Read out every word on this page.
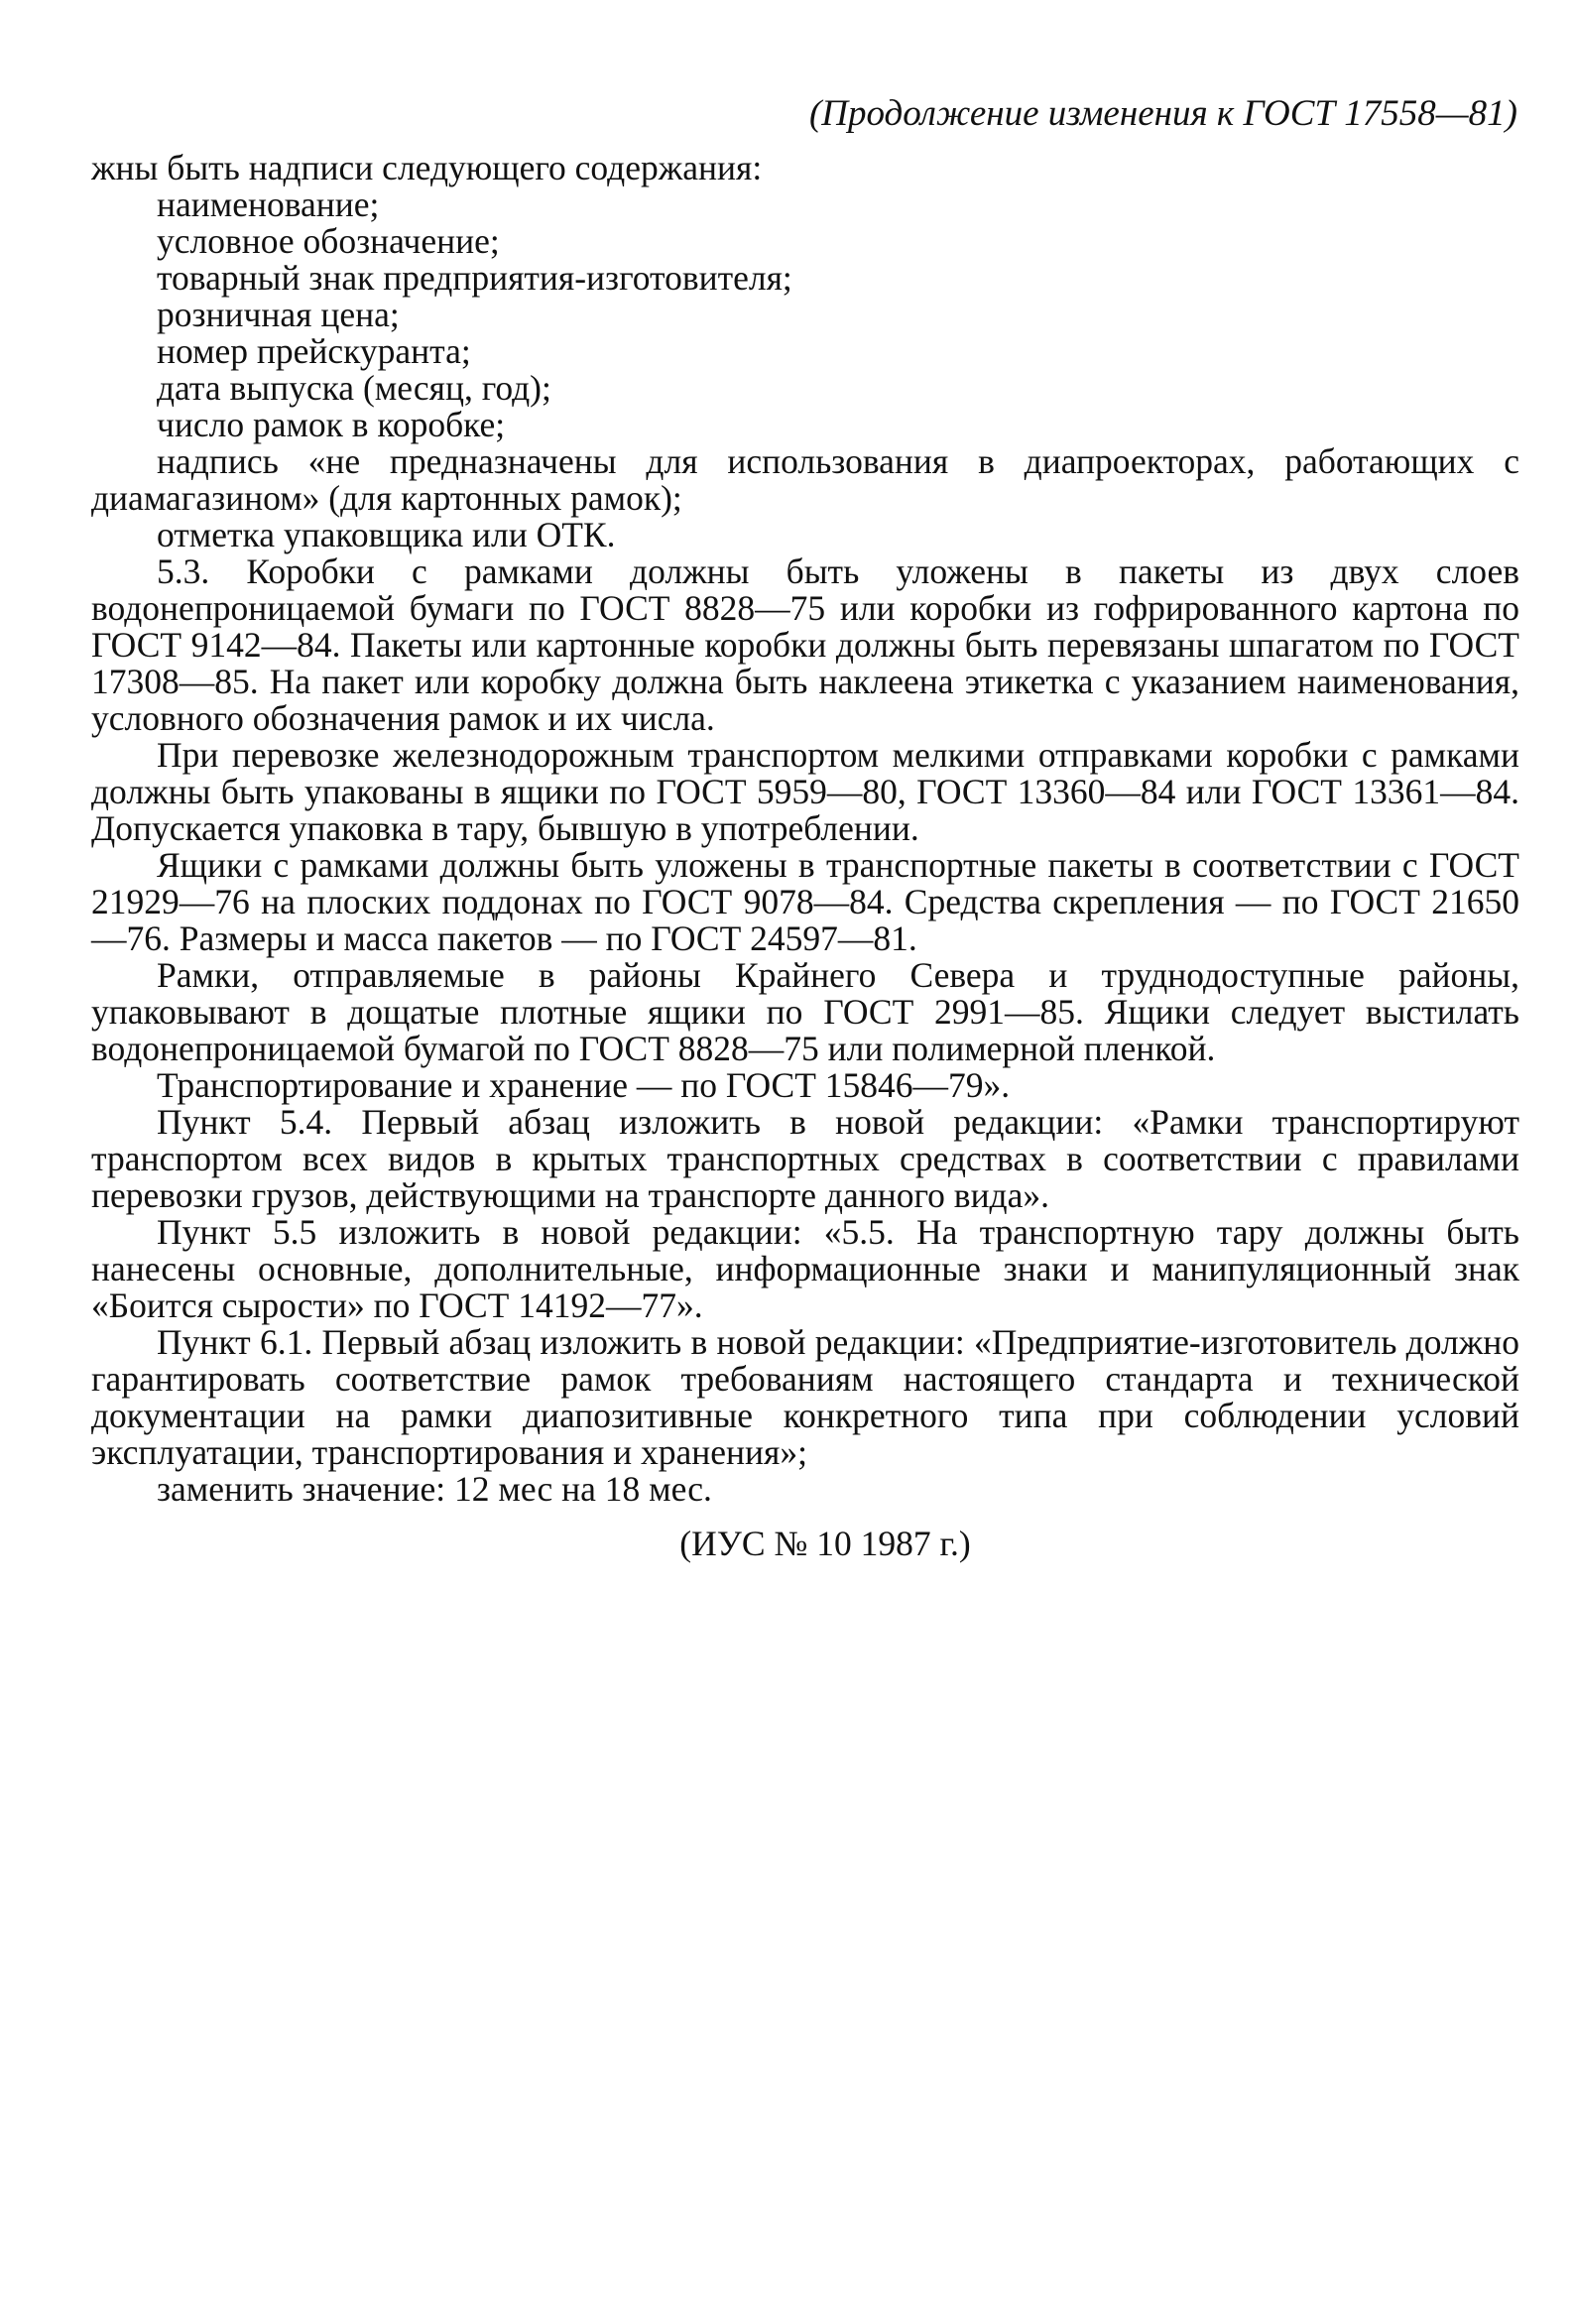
(Продолжение изменения к ГОСТ 17558—81)

жны быть надписи следующего содержания:

наименование;
условное обозначение;
товарный знак предприятия-изготовителя;
розничная цена;
номер прейскуранта;
дата выпуска (месяц, год);
число рамок в коробке;
надпись «не предназначены для использования в диапроекторах, работающих с диамагазином» (для картонных рамок);
отметка упаковщика или ОТК.

5.3. Коробки с рамками должны быть уложены в пакеты из двух слоев водонепроницаемой бумаги по ГОСТ 8828—75 или коробки из гофрированного картона по ГОСТ 9142—84. Пакеты или картонные коробки должны быть перевязаны шпагатом по ГОСТ 17308—85. На пакет или коробку должна быть наклеена этикетка с указанием наименования, условного обозначения рамок и их числа.

При перевозке железнодорожным транспортом мелкими отправками коробки с рамками должны быть упакованы в ящики по ГОСТ 5959—80, ГОСТ 13360—84 или ГОСТ 13361—84. Допускается упаковка в тару, бывшую в употреблении.

Ящики с рамками должны быть уложены в транспортные пакеты в соответствии с ГОСТ 21929—76 на плоских поддонах по ГОСТ 9078—84. Средства скрепления — по ГОСТ 21650—76. Размеры и масса пакетов — по ГОСТ 24597—81.

Рамки, отправляемые в районы Крайнего Севера и труднодоступные районы, упаковывают в дощатые плотные ящики по ГОСТ 2991—85. Ящики следует выстилать водонепроницаемой бумагой по ГОСТ 8828—75 или полимерной пленкой.

Транспортирование и хранение — по ГОСТ 15846—79».

Пункт 5.4. Первый абзац изложить в новой редакции: «Рамки транспортируют транспортом всех видов в крытых транспортных средствах в соответствии с правилами перевозки грузов, действующими на транспорте данного вида».

Пункт 5.5 изложить в новой редакции: «5.5. На транспортную тару должны быть нанесены основные, дополнительные, информационные знаки и манипуляционный знак «Боится сырости» по ГОСТ 14192—77».

Пункт 6.1. Первый абзац изложить в новой редакции: «Предприятие-изготовитель должно гарантировать соответствие рамок требованиям настоящего стандарта и технической документации на рамки диапозитивные конкретного типа при соблюдении условий эксплуатации, транспортирования и хранения»;

заменить значение: 12 мес на 18 мес.

(ИУС № 10 1987 г.)
